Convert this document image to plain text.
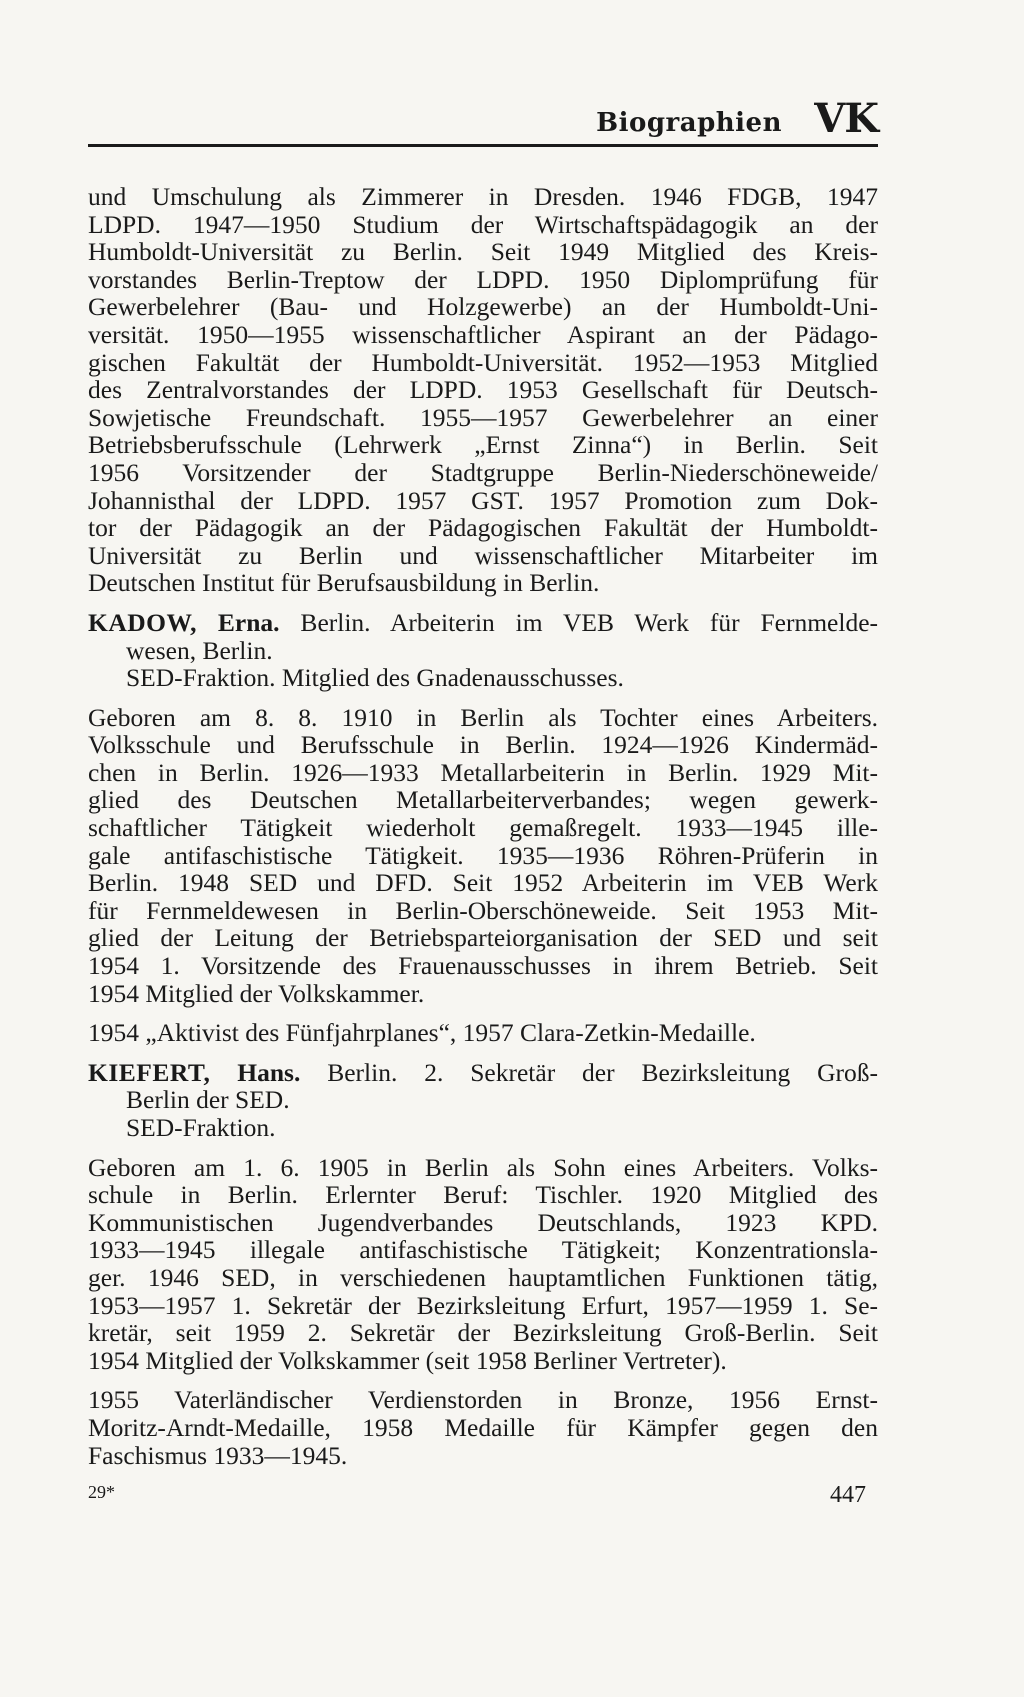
Biographien VK
und Umschulung als Zimmerer in Dresden. 1946 FDGB, 1947
LDPD. 1947—1950 Studium der Wirtschaftspädagogik an der
Humboldt-Universität zu Berlin. Seit 1949 Mitglied des Kreis-
vorstandes Berlin-Treptow der LDPD. 1950 Diplomprüfung für
Gewerbelehrer (Bau- und Holzgewerbe) an der Humboldt-Uni-
versität. 1950—1955 wissenschaftlicher Aspirant an der Pädago-
gischen Fakultät der Humboldt-Universität. 1952—1953 Mitglied
des Zentralvorstandes der LDPD. 1953 Gesellschaft für Deutsch-
Sowjetische Freundschaft. 1955—1957 Gewerbelehrer an einer
Betriebsberufsschule (Lehrwerk „Ernst Zinna“) in Berlin. Seit
1956 Vorsitzender der Stadtgruppe Berlin-Niederschöneweide/
Johannisthal der LDPD. 1957 GST. 1957 Promotion zum Dok-
tor der Pädagogik an der Pädagogischen Fakultät der Humboldt-
Universität zu Berlin und wissenschaftlicher Mitarbeiter im
Deutschen Institut für Berufsausbildung in Berlin.
KADOW, Erna. Berlin. Arbeiterin im VEB Werk für Fernmelde-
wesen, Berlin.
SED-Fraktion. Mitglied des Gnadenausschusses.
Geboren am 8. 8. 1910 in Berlin als Tochter eines Arbeiters.
Volksschule und Berufsschule in Berlin. 1924—1926 Kindermäd-
chen in Berlin. 1926—1933 Metallarbeiterin in Berlin. 1929 Mit-
glied des Deutschen Metallarbeiterverbandes; wegen gewerk-
schaftlicher Tätigkeit wiederholt gemaßregelt. 1933—1945 ille-
gale antifaschistische Tätigkeit. 1935—1936 Röhren-Prüferin in
Berlin. 1948 SED und DFD. Seit 1952 Arbeiterin im VEB Werk
für Fernmeldewesen in Berlin-Oberschöneweide. Seit 1953 Mit-
glied der Leitung der Betriebsparteiorganisation der SED und seit
1954 1. Vorsitzende des Frauenausschusses in ihrem Betrieb. Seit
1954 Mitglied der Volkskammer.
1954 „Aktivist des Fünfjahrplanes“, 1957 Clara-Zetkin-Medaille.
KIEFERT, Hans. Berlin. 2. Sekretär der Bezirksleitung Groß-
Berlin der SED.
SED-Fraktion.
Geboren am 1. 6. 1905 in Berlin als Sohn eines Arbeiters. Volks-
schule in Berlin. Erlernter Beruf: Tischler. 1920 Mitglied des
Kommunistischen Jugendverbandes Deutschlands, 1923 KPD.
1933—1945 illegale antifaschistische Tätigkeit; Konzentrationsla-
ger. 1946 SED, in verschiedenen hauptamtlichen Funktionen tätig,
1953—1957 1. Sekretär der Bezirksleitung Erfurt, 1957—1959 1. Se-
kretär, seit 1959 2. Sekretär der Bezirksleitung Groß-Berlin. Seit
1954 Mitglied der Volkskammer (seit 1958 Berliner Vertreter).
1955 Vaterländischer Verdienstorden in Bronze, 1956 Ernst-
Moritz-Arndt-Medaille, 1958 Medaille für Kämpfer gegen den
Faschismus 1933—1945.
29*	447
